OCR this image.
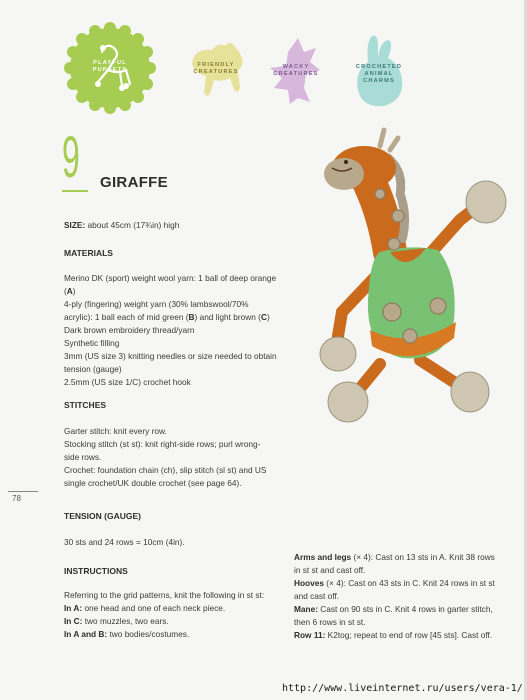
PLAYFUL
PUPPETS
FRIENDLY
CREATURES
WACKY
CREATURES
CROCHETED
ANIMAL
CHARMS
9 GIRAFFE
SIZE: about 45cm (17¾in) high
MATERIALS
Merino DK (sport) weight wool yarn: 1 ball of deep orange (A)
4-ply (fingering) weight yarn (30% lambswool/70%
acrylic): 1 ball each of mid green (B) and light brown (C)
Dark brown embroidery thread/yarn
Synthetic filling
3mm (US size 3) knitting needles or size needed to obtain
tension (gauge)
2.5mm (US size 1/C) crochet hook
STITCHES
Garter stitch: knit every row.
Stocking stitch (st st): knit right-side rows; purl wrong-
side rows.
Crochet: foundation chain (ch), slip stitch (sl st) and US
single crochet/UK double crochet (see page 64).
78
TENSION (GAUGE)
30 sts and 24 rows = 10cm (4in).
INSTRUCTIONS
Referring to the grid patterns, knit the following in st st:
In A: one head and one of each neck piece.
In C: two muzzles, two ears.
In A and B: two bodies/costumes.
Arms and legs (× 4): Cast on 13 sts in A. Knit 38 rows
in st st and cast off.
Hooves (× 4): Cast on 43 sts in C. Knit 24 rows in st st
and cast off.
Mane: Cast on 90 sts in C. Knit 4 rows in garter stitch,
then 6 rows in st st.
Row 11: K2tog; repeat to end of row [45 sts]. Cast off.
http://www.liveinternet.ru/users/vera-1/
